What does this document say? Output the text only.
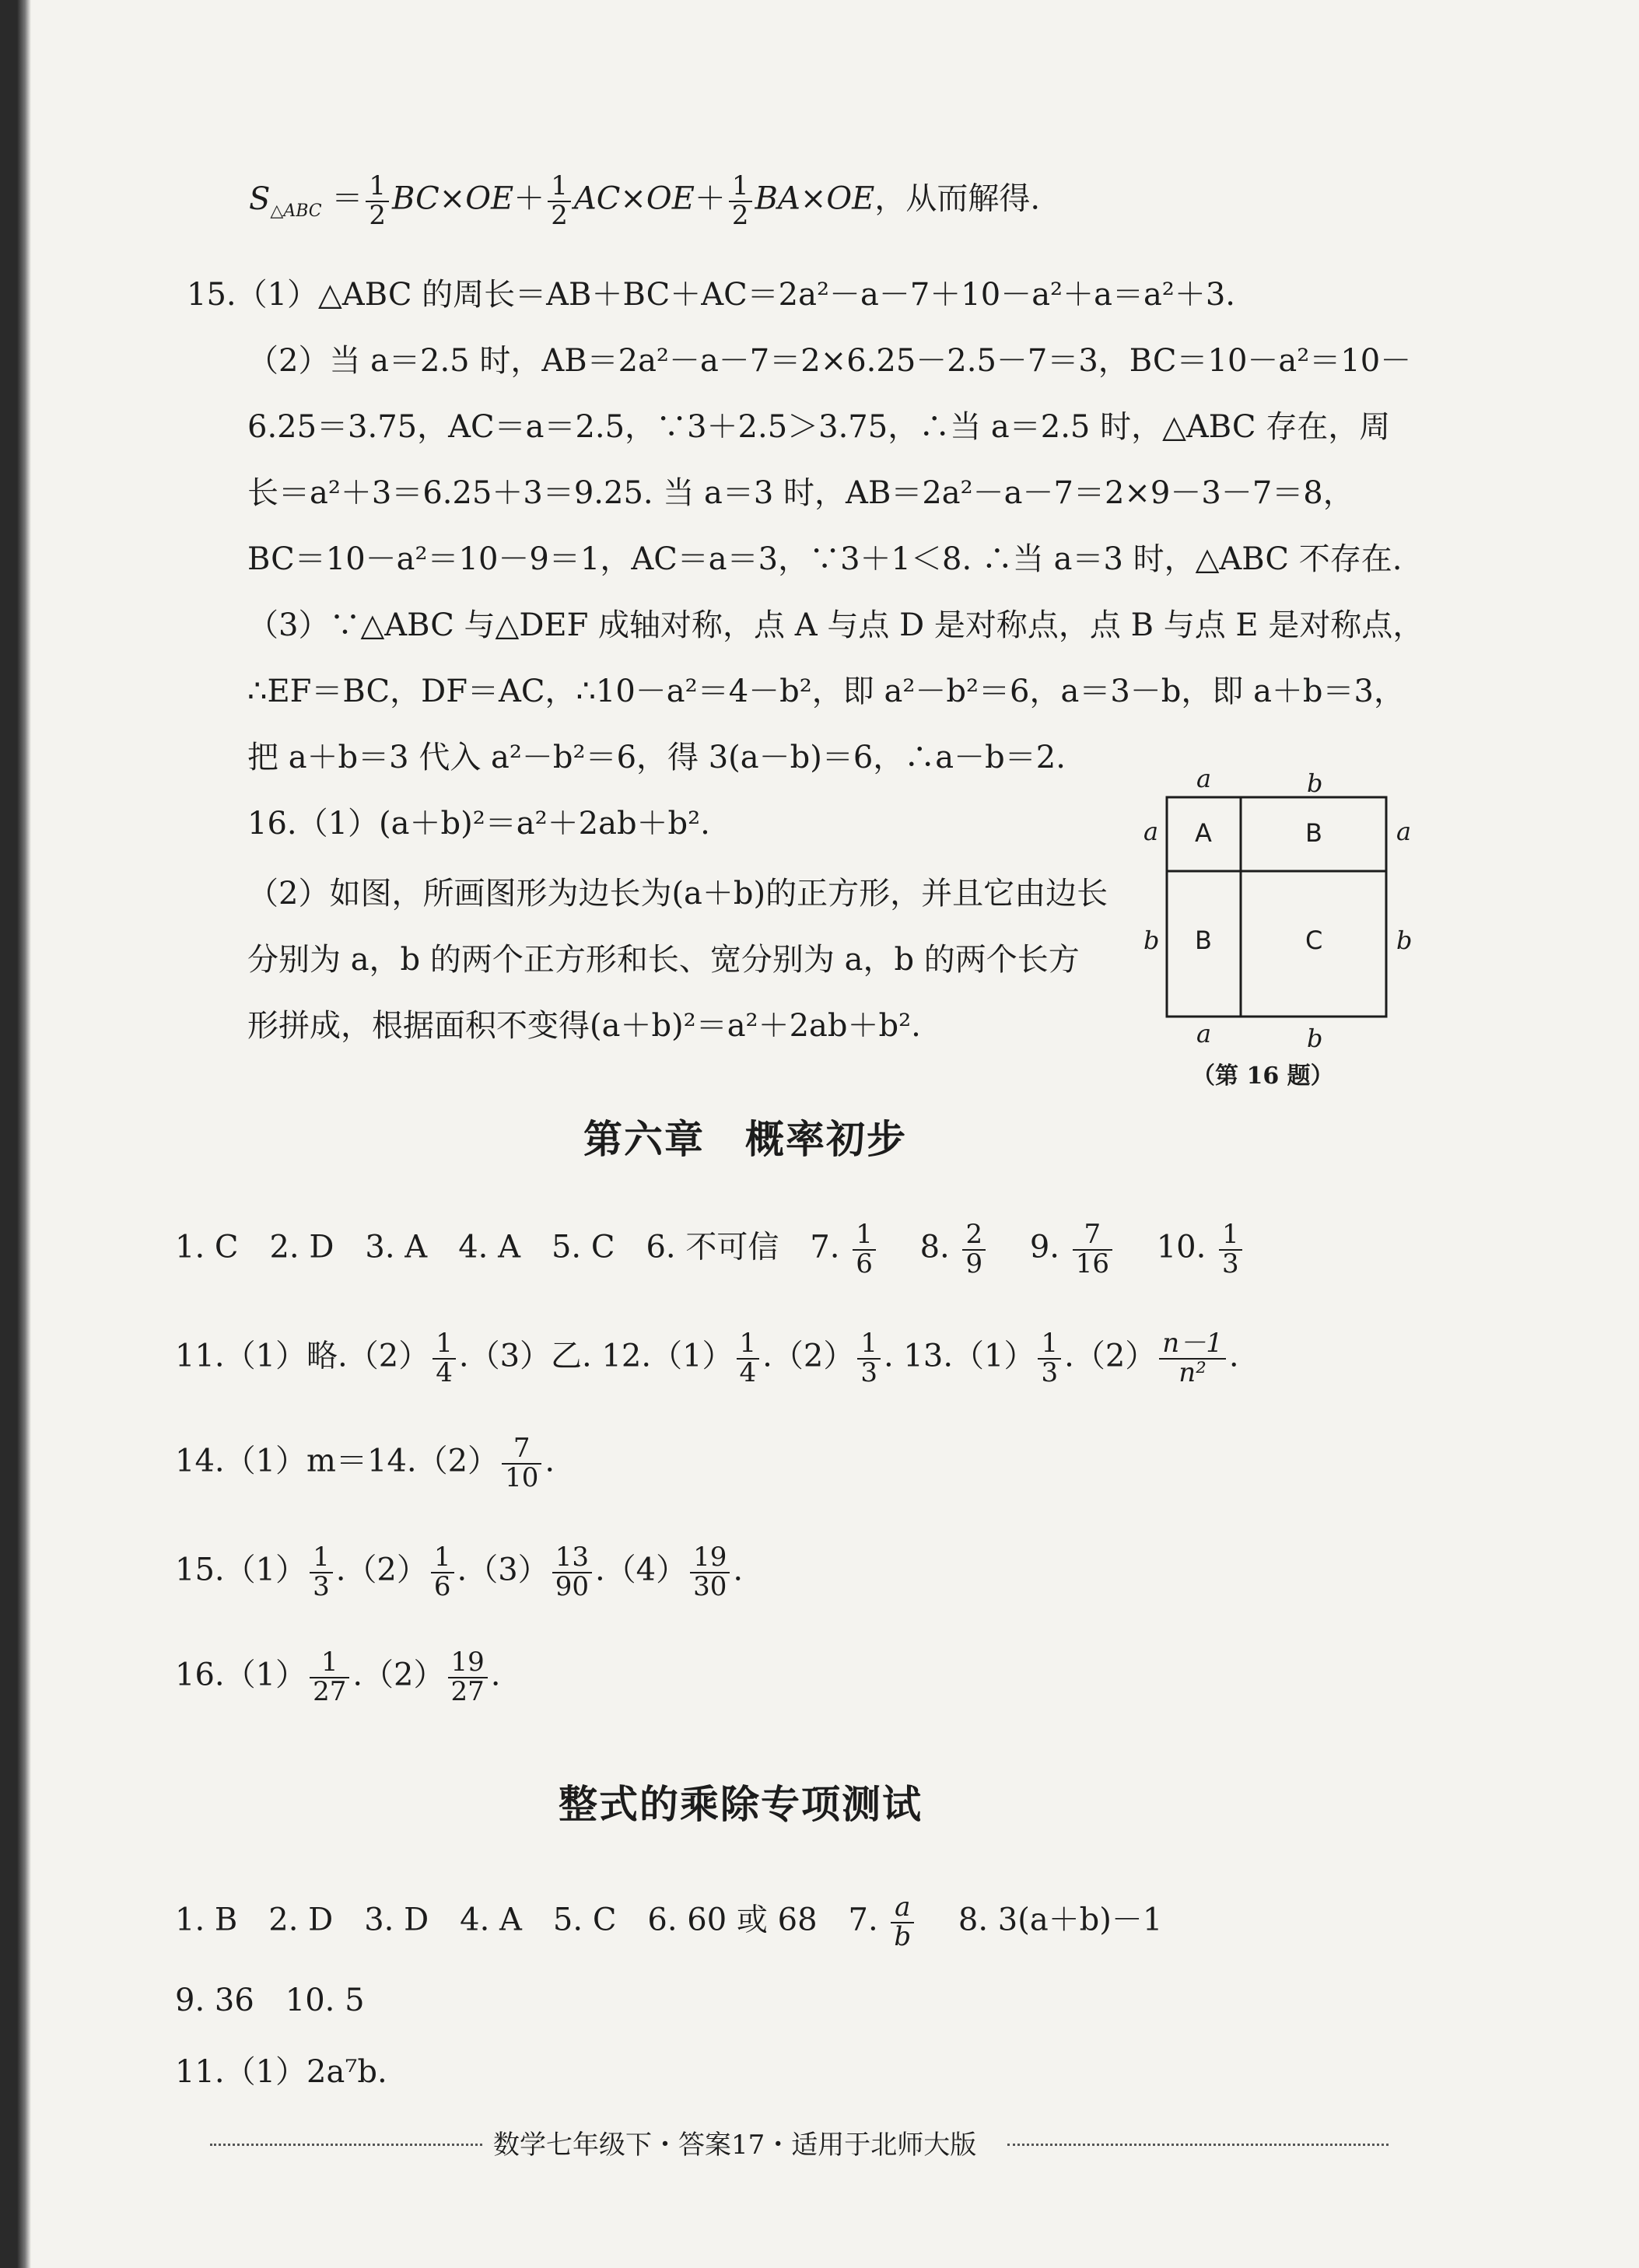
$S_{\triangle ABC} = \frac{1}{2} BC\times OE+ \frac{1}{2} AC\times OE+ \frac{1}{2} BA\times OE$，从而解得.
15.（1）△ABC 的周长＝AB＋BC＋AC＝2a²－a－7＋10－a²＋a＝a²＋3.
（2）当 a＝2.5 时，AB＝2a²－a－7＝2×6.25－2.5－7＝3，BC＝10－a²＝10－
6.25＝3.75，AC＝a＝2.5，∵3＋2.5＞3.75，∴当 a＝2.5 时，△ABC 存在，周
长＝a²＋3＝6.25＋3＝9.25. 当 a＝3 时，AB＝2a²－a－7＝2×9－3－7＝8，
BC＝10－a²＝10－9＝1，AC＝a＝3，∵3＋1＜8. ∴当 a＝3 时，△ABC 不存在.
（3）∵△ABC 与△DEF 成轴对称，点 A 与点 D 是对称点，点 B 与点 E 是对称点，
∴EF＝BC，DF＝AC，∴10－a²＝4－b²，即 a²－b²＝6，a＝3－b，即 a＋b＝3，
把 a＋b＝3 代入 a²－b²＝6，得 3(a－b)＝6，∴a－b＝2.
16.（1）(a＋b)²＝a²＋2ab＋b².
（2）如图，所画图形为边长为(a＋b)的正方形，并且它由边长
分别为 a，b 的两个正方形和长、宽分别为 a，b 的两个长方
形拼成，根据面积不变得(a＋b)²＝a²＋2ab＋b².
a	b
a
b
a
b
a	b
A	B
B	C
（第 16 题）
第六章　概率初步
1. C　2. D　3. A　4. A　5. C　6. 不可信　7. $\frac{1}{6}$
　 8. $\frac{2}{9}$
　 9. $\frac{7}{16}$
　 10. $\frac{1}{3}$
11.（1）略$.(2) \frac{1}{4} .(3)$乙. $12.(1) \frac{1}{4} .(2) \frac{1}{3}$ . $13.(1) \frac{1}{3} .(2) \frac{n-1}{\text{n²}}$ .
$14.(1)m=14.(2) \frac{7}{10}$ .
$15.(1) \frac{1}{3} .(2) \frac{1}{6} .(3) \frac{13}{90} .(4) \frac{19}{30}$ .
$16.(1) \frac{1}{27} .(2) \frac{19}{27}$ .
整式的乘除专项测试
1. B　2. D　3. D　4. A　5. C　6. 60 或 68　7. $\frac{a}{b}$
　 8. 3(a＋b)－1
9. 36　10. 5
11.（1）2a⁷b.
数学七年级下・答案17・适用于北师大版
